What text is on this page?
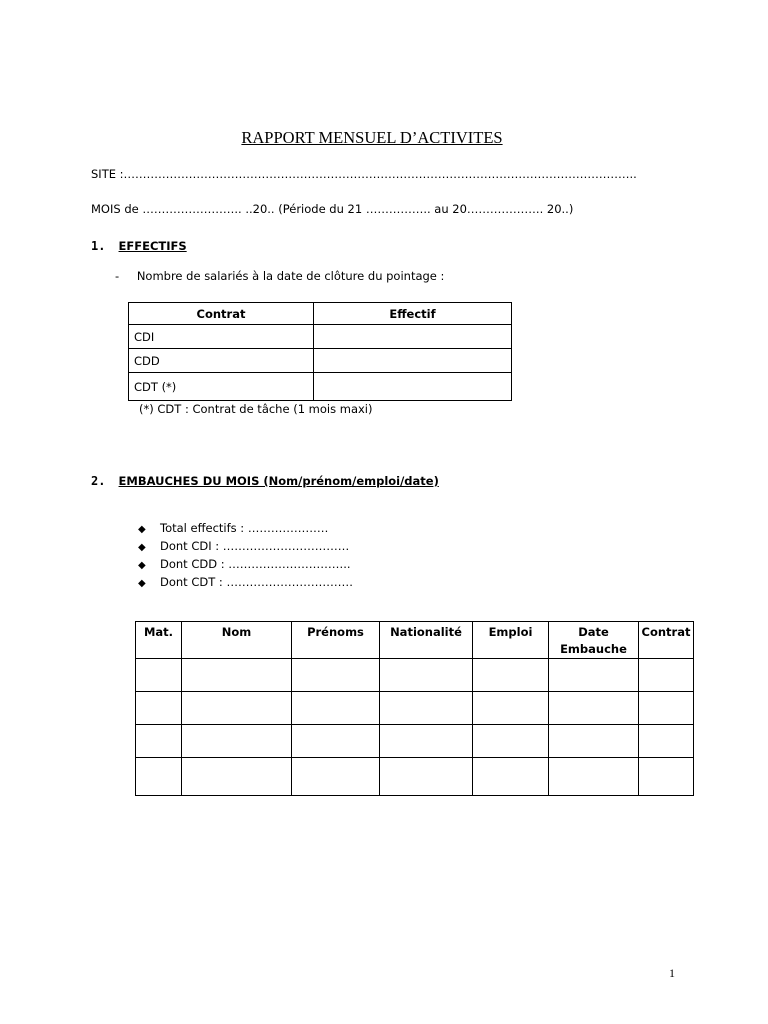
RAPPORT MENSUEL D’ACTIVITES
SITE :……………………………………………………………………………………………………………………..
MOIS de …………………….. ..20.. (Période du 21 …………….. au 20……………….. 20..)
1. EFFECTIFS
- Nombre de salariés à la date de clôture du pointage :
Contrat	Effectif
CDI	
CDD	
CDT (*)	
(*) CDT : Contrat de tâche (1 mois maxi)
2. EMBAUCHES DU MOIS (Nom/prénom/emploi/date)
◆ Total effectifs : …………………
◆ Dont CDI : ……………………………
◆ Dont CDD : …………………………..
◆ Dont CDT : ……………………………
Mat.	Nom	Prénoms	Nationalité	Emploi	Date Embauche	Contrat

1
